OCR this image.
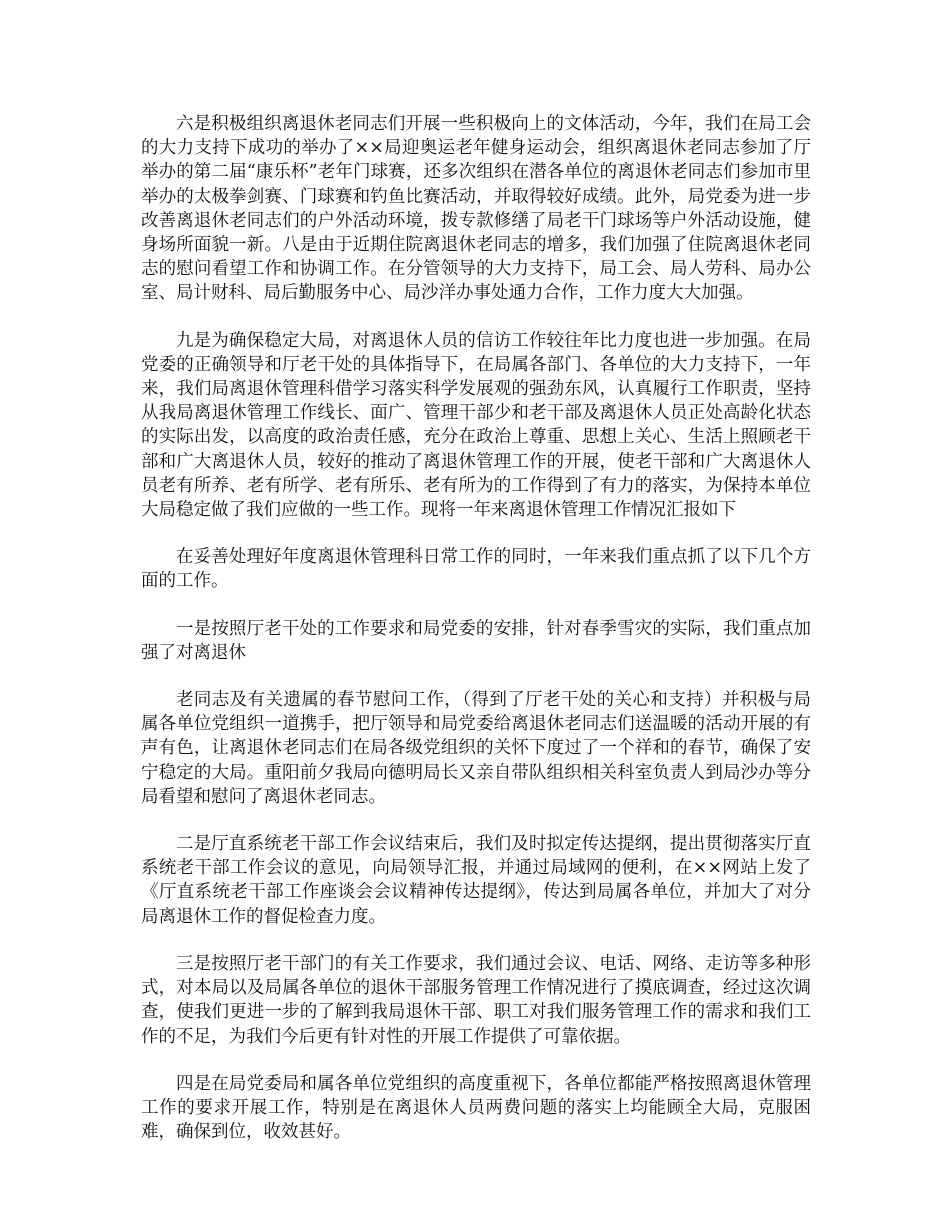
六是积极组织离退休老同志们开展一些积极向上的文体活动，今年，我们在局工会的大力支持下成功的举办了××局迎奥运老年健身运动会，组织离退休老同志参加了厅举办的第二届“康乐杯”老年门球赛，还多次组织在潜各单位的离退休老同志们参加市里举办的太极拳剑赛、门球赛和钓鱼比赛活动，并取得较好成绩。此外，局党委为进一步改善离退休老同志们的户外活动环境，拨专款修缮了局老干门球场等户外活动设施，健身场所面貌一新。八是由于近期住院离退休老同志的增多，我们加强了住院离退休老同志的慰问看望工作和协调工作。在分管领导的大力支持下，局工会、局人劳科、局办公室、局计财科、局后勤服务中心、局沙洋办事处通力合作，工作力度大大加强。

九是为确保稳定大局，对离退休人员的信访工作较往年比力度也进一步加强。在局党委的正确领导和厅老干处的具体指导下，在局属各部门、各单位的大力支持下，一年来，我们局离退休管理科借学习落实科学发展观的强劲东风，认真履行工作职责，坚持从我局离退休管理工作线长、面广、管理干部少和老干部及离退休人员正处高龄化状态的实际出发，以高度的政治责任感，充分在政治上尊重、思想上关心、生活上照顾老干部和广大离退休人员，较好的推动了离退休管理工作的开展，使老干部和广大离退休人员老有所养、老有所学、老有所乐、老有所为的工作得到了有力的落实，为保持本单位大局稳定做了我们应做的一些工作。现将一年来离退休管理工作情况汇报如下

在妥善处理好年度离退休管理科日常工作的同时，一年来我们重点抓了以下几个方面的工作。

一是按照厅老干处的工作要求和局党委的安排，针对春季雪灾的实际，我们重点加强了对离退休

老同志及有关遗属的春节慰问工作，（得到了厅老干处的关心和支持）并积极与局属各单位党组织一道携手，把厅领导和局党委给离退休老同志们送温暖的活动开展的有声有色，让离退休老同志们在局各级党组织的关怀下度过了一个祥和的春节，确保了安宁稳定的大局。重阳前夕我局向德明局长又亲自带队组织相关科室负责人到局沙办等分局看望和慰问了离退休老同志。

二是厅直系统老干部工作会议结束后，我们及时拟定传达提纲，提出贯彻落实厅直系统老干部工作会议的意见，向局领导汇报，并通过局域网的便利，在××网站上发了《厅直系统老干部工作座谈会会议精神传达提纲》，传达到局属各单位，并加大了对分局离退休工作的督促检查力度。

三是按照厅老干部门的有关工作要求，我们通过会议、电话、网络、走访等多种形式，对本局以及局属各单位的退休干部服务管理工作情况进行了摸底调查，经过这次调查，使我们更进一步的了解到我局退休干部、职工对我们服务管理工作的需求和我们工作的不足，为我们今后更有针对性的开展工作提供了可靠依据。

四是在局党委局和属各单位党组织的高度重视下，各单位都能严格按照离退休管理工作的要求开展工作，特别是在离退休人员两费问题的落实上均能顾全大局，克服困难，确保到位，收效甚好。
